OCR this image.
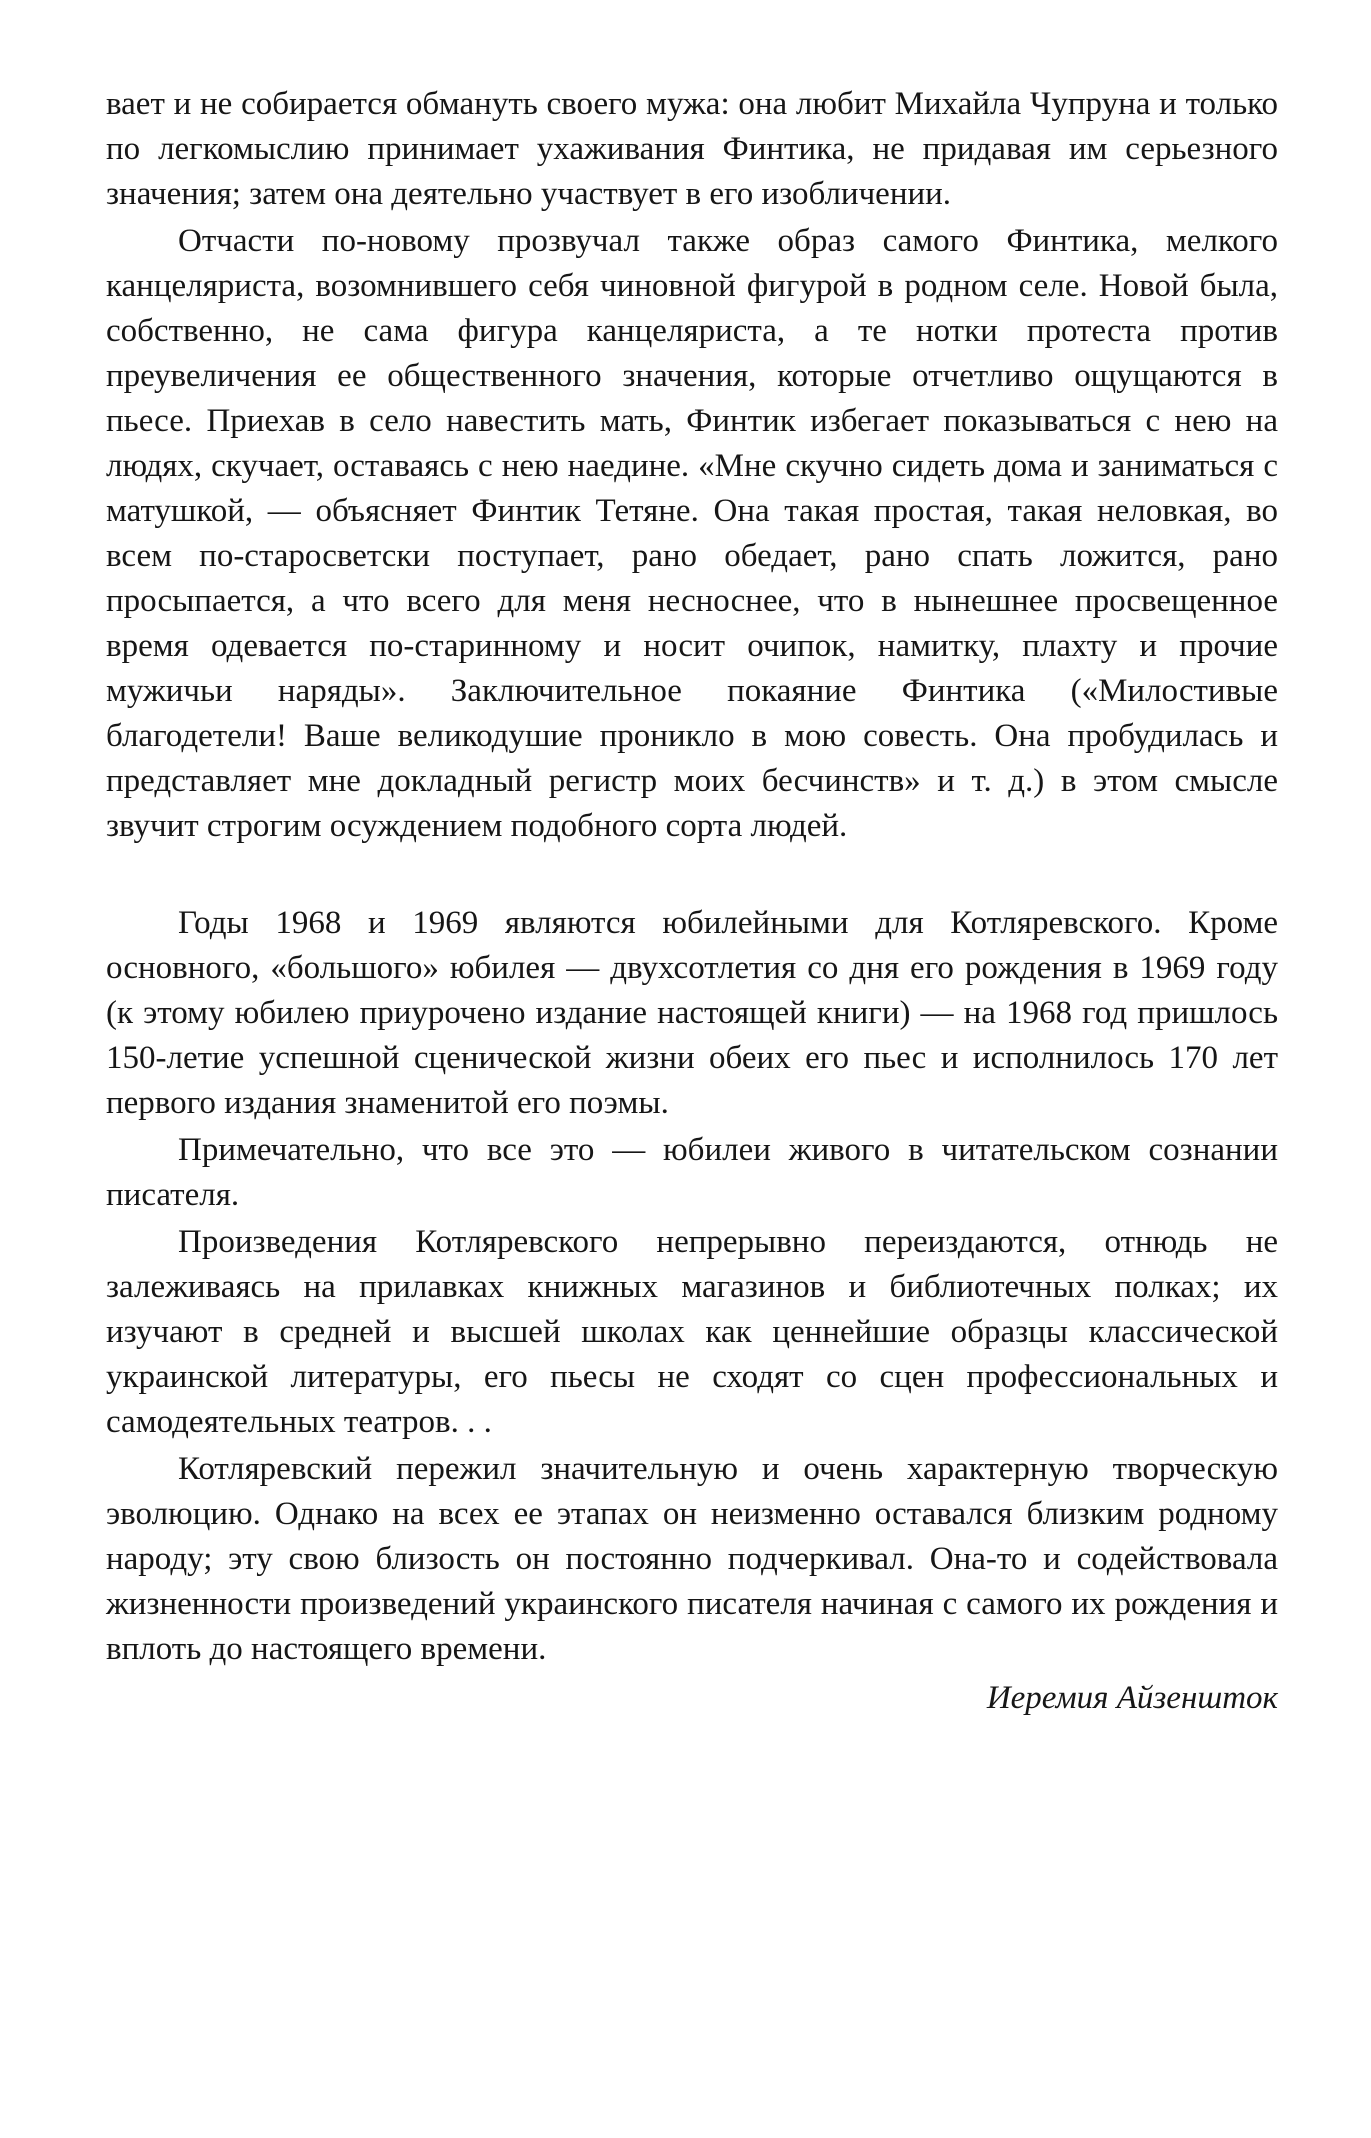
вает и не собирается обмануть своего мужа: она любит Михайла Чупруна и только по легкомыслию принимает ухаживания Финтика, не придавая им серьезного значения; затем она деятельно участвует в его изобличении.

Отчасти по-новому прозвучал также образ самого Финтика, мелкого канцеляриста, возомнившего себя чиновной фигурой в родном селе. Новой была, собственно, не сама фигура канцеляриста, а те нотки протеста против преувеличения ее общественного значения, которые отчетливо ощущаются в пьесе. Приехав в село навестить мать, Финтик избегает показываться с нею на людях, скучает, оставаясь с нею наедине. «Мне скучно сидеть дома и заниматься с матушкой, — объясняет Финтик Тетяне. Она такая простая, такая неловкая, во всем по-старосветски поступает, рано обедает, рано спать ложится, рано просыпается, а что всего для меня несноснее, что в нынешнее просвещенное время одевается по-старинному и носит очипок, намитку, плахту и прочие мужичьи наряды». Заключительное покаяние Финтика («Милостивые благодетели! Ваше великодушие проникло в мою совесть. Она пробудилась и представляет мне докладный регистр моих бесчинств» и т. д.) в этом смысле звучит строгим осуждением подобного сорта людей.

Годы 1968 и 1969 являются юбилейными для Котляревского. Кроме основного, «большого» юбилея — двухсотлетия со дня его рождения в 1969 году (к этому юбилею приурочено издание настоящей книги) — на 1968 год пришлось 150-летие успешной сценической жизни обеих его пьес и исполнилось 170 лет первого издания знаменитой его поэмы.

Примечательно, что все это — юбилеи живого в читательском сознании писателя.

Произведения Котляревского непрерывно переиздаются, отнюдь не залеживаясь на прилавках книжных магазинов и библиотечных полках; их изучают в средней и высшей школах как ценнейшие образцы классической украинской литературы, его пьесы не сходят со сцен профессиональных и самодеятельных театров. . .

Котляревский пережил значительную и очень характерную творческую эволюцию. Однако на всех ее этапах он неизменно оставался близким родному народу; эту свою близость он постоянно подчеркивал. Она-то и содействовала жизненности произведений украинского писателя начиная с самого их рождения и вплоть до настоящего времени.

Иеремия Айзеншток
